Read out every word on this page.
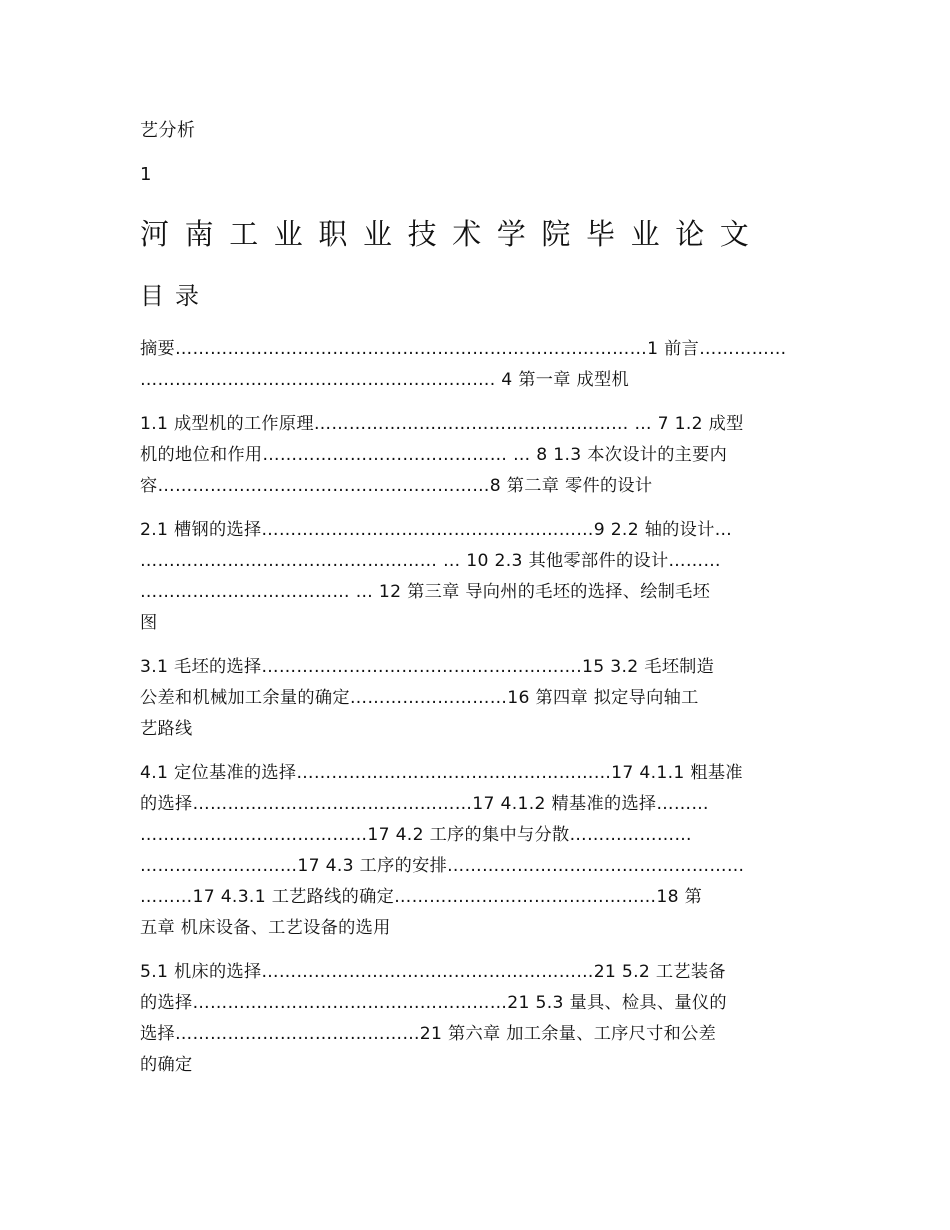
艺分析
1
河南工业职业技术学院毕业论文
目录

摘要………………………………………………………………………1 前言……………
……………………………………………………. 4 第一章 成型机

1.1 成型机的工作原理……………………………………………… … 7 1.2 成型
机的地位和作用…………………………………… … 8 1.3 本次设计的主要内
容…………………………………………………8 第二章 零件的设计

2.1 槽钢的选择…………………………………………………9 2.2 轴的设计…
…………………………………………… … 10 2.3 其他零部件的设计………
……………………………… … 12 第三章 导向州的毛坯的选择、绘制毛坯
图

3.1 毛坯的选择……………………………………………….15 3.2 毛坯制造
公差和机械加工余量的确定………………………16 第四章 拟定导向轴工
艺路线

4.1 定位基准的选择………………………………………………17 4.1.1 粗基准
的选择…………………………………………17 4.1.2 精基准的选择………
…………………………………17 4.2 工序的集中与分散…………………
………………………17 4.3 工序的安排……………………………………………
………17 4.3.1 工艺路线的确定………………………………………18 第
五章 机床设备、工艺设备的选用

5.1 机床的选择…………………………………………………21 5.2 工艺装备
的选择………………………………………………21 5.3 量具、检具、量仪的
选择……………………………………21 第六章 加工余量、工序尺寸和公差
的确定
